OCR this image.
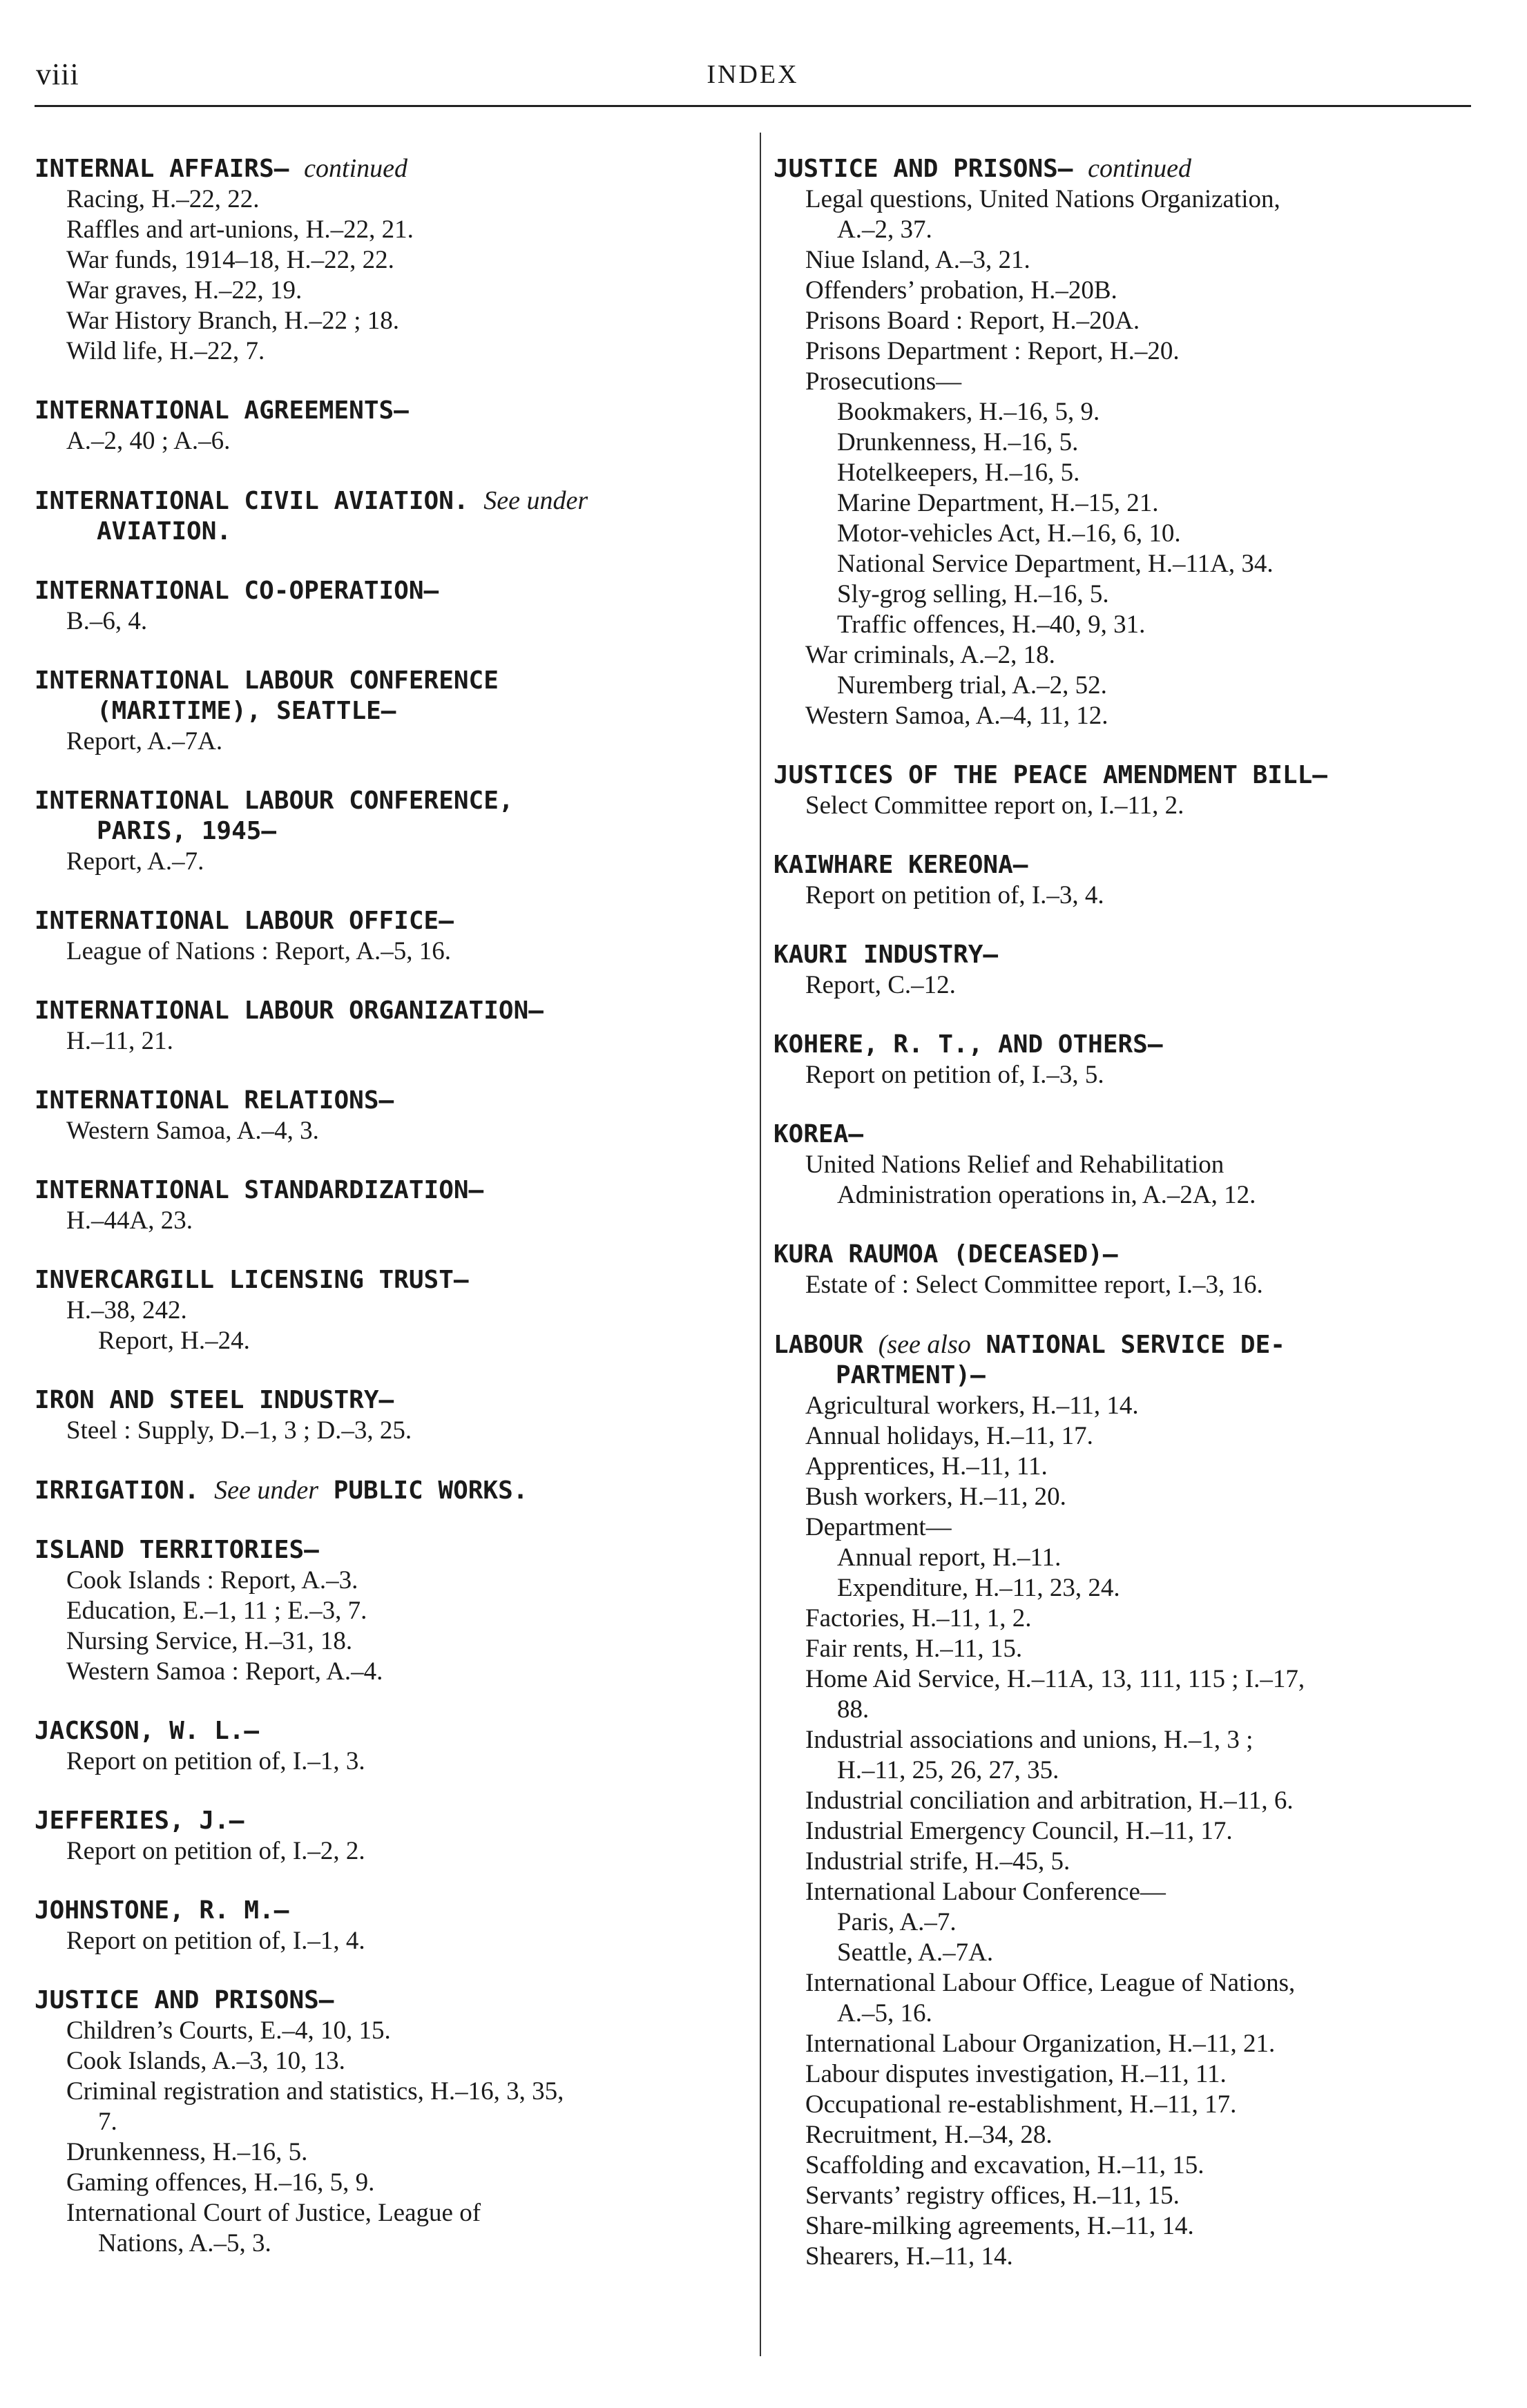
viii	INDEX
INTERNAL AFFAIRS— continued
Racing, H.–22, 22.
Raffles and art-unions, H.–22, 21.
War funds, 1914–18, H.–22, 22.
War graves, H.–22, 19.
War History Branch, H.–22 ; 18.
Wild life, H.–22, 7.
INTERNATIONAL AGREEMENTS—
A.–2, 40 ; A.–6.
INTERNATIONAL CIVIL AVIATION. See under
AVIATION.
INTERNATIONAL CO-OPERATION—
B.–6, 4.
INTERNATIONAL LABOUR CONFERENCE
(MARITIME), SEATTLE—
Report, A.–7A.
INTERNATIONAL LABOUR CONFERENCE,
PARIS, 1945—
Report, A.–7.
INTERNATIONAL LABOUR OFFICE—
League of Nations : Report, A.–5, 16.
INTERNATIONAL LABOUR ORGANIZATION—
H.–11, 21.
INTERNATIONAL RELATIONS—
Western Samoa, A.–4, 3.
INTERNATIONAL STANDARDIZATION—
H.–44A, 23.
INVERCARGILL LICENSING TRUST—
H.–38, 242.
Report, H.–24.
IRON AND STEEL INDUSTRY—
Steel : Supply, D.–1, 3 ; D.–3, 25.
IRRIGATION. See under PUBLIC WORKS.
ISLAND TERRITORIES—
Cook Islands : Report, A.–3.
Education, E.–1, 11 ; E.–3, 7.
Nursing Service, H.–31, 18.
Western Samoa : Report, A.–4.
JACKSON, W. L.—
Report on petition of, I.–1, 3.
JEFFERIES, J.—
Report on petition of, I.–2, 2.
JOHNSTONE, R. M.—
Report on petition of, I.–1, 4.
JUSTICE AND PRISONS—
Children’s Courts, E.–4, 10, 15.
Cook Islands, A.–3, 10, 13.
Criminal registration and statistics, H.–16, 3, 35,
7.
Drunkenness, H.–16, 5.
Gaming offences, H.–16, 5, 9.
International Court of Justice, League of
Nations, A.–5, 3.
JUSTICE AND PRISONS— continued
Legal questions, United Nations Organization,
A.–2, 37.
Niue Island, A.–3, 21.
Offenders’ probation, H.–20B.
Prisons Board : Report, H.–20A.
Prisons Department : Report, H.–20.
Prosecutions—
Bookmakers, H.–16, 5, 9.
Drunkenness, H.–16, 5.
Hotelkeepers, H.–16, 5.
Marine Department, H.–15, 21.
Motor-vehicles Act, H.–16, 6, 10.
National Service Department, H.–11A, 34.
Sly-grog selling, H.–16, 5.
Traffic offences, H.–40, 9, 31.
War criminals, A.–2, 18.
Nuremberg trial, A.–2, 52.
Western Samoa, A.–4, 11, 12.
JUSTICES OF THE PEACE AMENDMENT BILL—
Select Committee report on, I.–11, 2.
KAIWHARE KEREONA—
Report on petition of, I.–3, 4.
KAURI INDUSTRY—
Report, C.–12.
KOHERE, R. T., AND OTHERS—
Report on petition of, I.–3, 5.
KOREA—
United Nations Relief and Rehabilitation
Administration operations in, A.–2A, 12.
KURA RAUMOA (DECEASED)—
Estate of : Select Committee report, I.–3, 16.
LABOUR (see also NATIONAL SERVICE DE-
PARTMENT)—
Agricultural workers, H.–11, 14.
Annual holidays, H.–11, 17.
Apprentices, H.–11, 11.
Bush workers, H.–11, 20.
Department—
Annual report, H.–11.
Expenditure, H.–11, 23, 24.
Factories, H.–11, 1, 2.
Fair rents, H.–11, 15.
Home Aid Service, H.–11A, 13, 111, 115 ; I.–17,
88.
Industrial associations and unions, H.–1, 3 ;
H.–11, 25, 26, 27, 35.
Industrial conciliation and arbitration, H.–11, 6.
Industrial Emergency Council, H.–11, 17.
Industrial strife, H.–45, 5.
International Labour Conference—
Paris, A.–7.
Seattle, A.–7A.
International Labour Office, League of Nations,
A.–5, 16.
International Labour Organization, H.–11, 21.
Labour disputes investigation, H.–11, 11.
Occupational re-establishment, H.–11, 17.
Recruitment, H.–34, 28.
Scaffolding and excavation, H.–11, 15.
Servants’ registry offices, H.–11, 15.
Share-milking agreements, H.–11, 14.
Shearers, H.–11, 14.
